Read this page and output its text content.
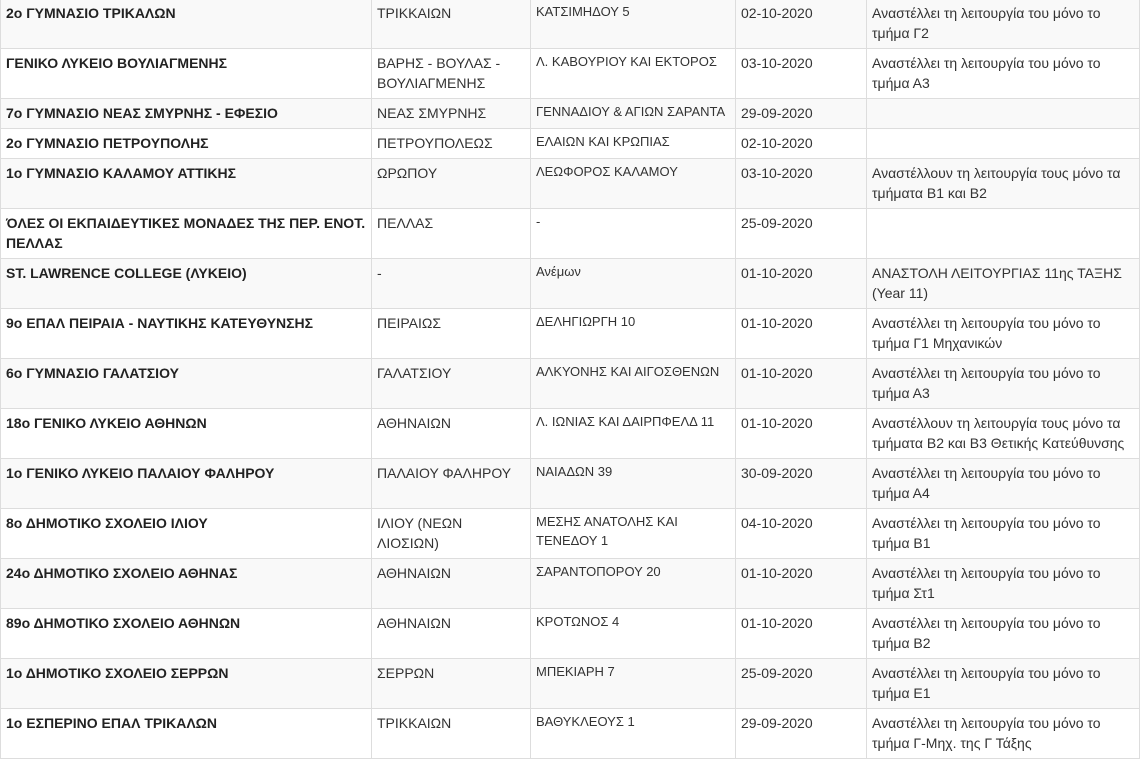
2ο ΓΥΜΝΑΣΙΟ ΤΡΙΚΑΛΩΝ	ΤΡΙΚΚΑΙΩΝ	ΚΑΤΣΙΜΗΔΟΥ 5	02-10-2020	Αναστέλλει τη λειτουργία του μόνο το τμήμα Γ2
ΓΕΝΙΚΟ ΛΥΚΕΙΟ ΒΟΥΛΙΑΓΜΕΝΗΣ	ΒΑΡΗΣ - ΒΟΥΛΑΣ - ΒΟΥΛΙΑΓΜΕΝΗΣ	Λ. ΚΑΒΟΥΡΙΟΥ ΚΑΙ ΕΚΤΟΡΟΣ	03-10-2020	Αναστέλλει τη λειτουργία του μόνο το τμήμα Α3
7ο ΓΥΜΝΑΣΙΟ ΝΕΑΣ ΣΜΥΡΝΗΣ - ΕΦΕΣΙΟ	ΝΕΑΣ ΣΜΥΡΝΗΣ	ΓΕΝΝΑΔΙΟΥ & ΑΓΙΩΝ ΣΑΡΑΝΤΑ	29-09-2020	
2ο ΓΥΜΝΑΣΙΟ ΠΕΤΡΟΥΠΟΛΗΣ	ΠΕΤΡΟΥΠΟΛΕΩΣ	ΕΛΑΙΩΝ ΚΑΙ ΚΡΩΠΙΑΣ	02-10-2020	
1ο ΓΥΜΝΑΣΙΟ ΚΑΛΑΜΟΥ ΑΤΤΙΚΗΣ	ΩΡΩΠΟΥ	ΛΕΩΦΟΡΟΣ ΚΑΛΑΜΟΥ	03-10-2020	Αναστέλλουν τη λειτουργία τους μόνο τα τμήματα Β1 και Β2
ΌΛΕΣ ΟΙ ΕΚΠΑΙΔΕΥΤΙΚΕΣ ΜΟΝΑΔΕΣ ΤΗΣ ΠΕΡ. ΕΝΟΤ. ΠΕΛΛΑΣ	ΠΕΛΛΑΣ	-	25-09-2020	
ST. LAWRENCE COLLEGE (ΛΥΚΕΙΟ)	-	Ανέμων	01-10-2020	ΑΝΑΣΤΟΛΗ ΛΕΙΤΟΥΡΓΙΑΣ 11ης ΤΑΞΗΣ (Year 11)
9ο ΕΠΑΛ ΠΕΙΡΑΙΑ - ΝΑΥΤΙΚΗΣ ΚΑΤΕΥΘΥΝΣΗΣ	ΠΕΙΡΑΙΩΣ	ΔΕΛΗΓΙΩΡΓΗ 10	01-10-2020	Αναστέλλει τη λειτουργία του μόνο το τμήμα Γ1 Μηχανικών
6ο ΓΥΜΝΑΣΙΟ ΓΑΛΑΤΣΙΟΥ	ΓΑΛΑΤΣΙΟΥ	ΑΛΚΥΟΝΗΣ ΚΑΙ ΑΙΓΟΣΘΕΝΩΝ	01-10-2020	Αναστέλλει τη λειτουργία του μόνο το τμήμα Α3
18ο ΓΕΝΙΚΟ ΛΥΚΕΙΟ ΑΘΗΝΩΝ	ΑΘΗΝΑΙΩΝ	Λ. ΙΩΝΙΑΣ ΚΑΙ ΔΑΙΡΠΦΕΛΔ 11	01-10-2020	Αναστέλλουν τη λειτουργία τους μόνο τα τμήματα Β2 και Β3 Θετικής Κατεύθυνσης
1ο ΓΕΝΙΚΟ ΛΥΚΕΙΟ ΠΑΛΑΙΟΥ ΦΑΛΗΡΟΥ	ΠΑΛΑΙΟΥ ΦΑΛΗΡΟΥ	ΝΑΙΑΔΩΝ 39	30-09-2020	Αναστέλλει τη λειτουργία του μόνο το τμήμα Α4
8ο ΔΗΜΟΤΙΚΟ ΣΧΟΛΕΙΟ ΙΛΙΟΥ	ΙΛΙΟΥ (ΝΕΩΝ ΛΙΟΣΙΩΝ)	ΜΕΣΗΣ ΑΝΑΤΟΛΗΣ ΚΑΙ ΤΕΝΕΔΟΥ 1	04-10-2020	Αναστέλλει τη λειτουργία του μόνο το τμήμα Β1
24ο ΔΗΜΟΤΙΚΟ ΣΧΟΛΕΙΟ ΑΘΗΝΑΣ	ΑΘΗΝΑΙΩΝ	ΣΑΡΑΝΤΟΠΟΡΟΥ 20	01-10-2020	Αναστέλλει τη λειτουργία του μόνο το τμήμα Στ1
89ο ΔΗΜΟΤΙΚΟ ΣΧΟΛΕΙΟ ΑΘΗΝΩΝ	ΑΘΗΝΑΙΩΝ	ΚΡΟΤΩΝΟΣ 4	01-10-2020	Αναστέλλει τη λειτουργία του μόνο το τμήμα Β2
1ο ΔΗΜΟΤΙΚΟ ΣΧΟΛΕΙΟ ΣΕΡΡΩΝ	ΣΕΡΡΩΝ	ΜΠΕΚΙΑΡΗ 7	25-09-2020	Αναστέλλει τη λειτουργία του μόνο το τμήμα Ε1
1ο ΕΣΠΕΡΙΝΟ ΕΠΑΛ ΤΡΙΚΑΛΩΝ	ΤΡΙΚΚΑΙΩΝ	ΒΑΘΥΚΛΕΟΥΣ 1	29-09-2020	Αναστέλλει τη λειτουργία του μόνο το τμήμα Γ-Μηχ. της Γ Τάξης
